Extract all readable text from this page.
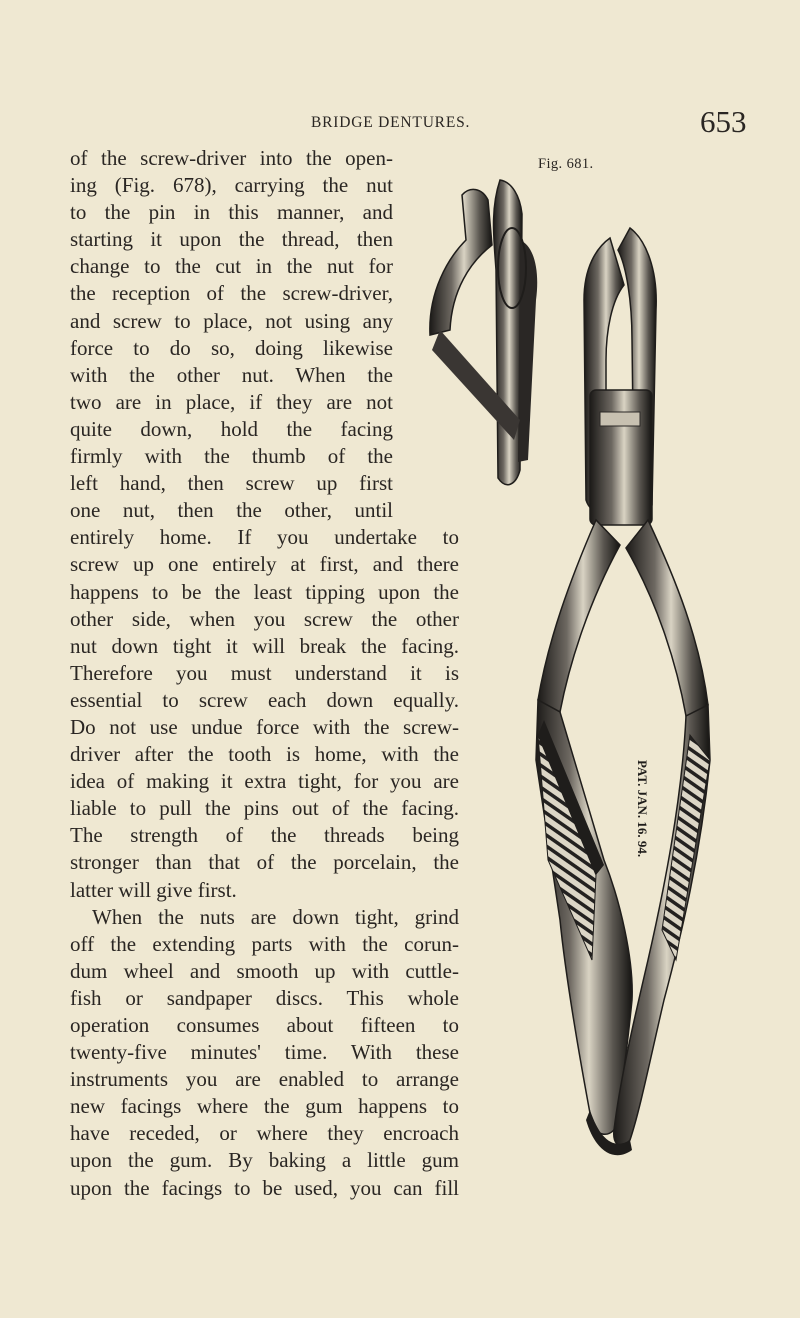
BRIDGE DENTURES.	653
Fig. 681.
PAT. JAN. 16. 94.
of the screw-driver into the open-
ing (Fig. 678), carrying the nut
to the pin in this manner, and
starting it upon the thread, then
change to the cut in the nut for
the reception of the screw-driver,
and screw to place, not using any
force to do so, doing likewise
with the other nut. When the
two are in place, if they are not
quite down, hold the facing
firmly with the thumb of the
left hand, then screw up first
one nut, then the other, until
entirely home. If you undertake to
screw up one entirely at first, and there
happens to be the least tipping upon the
other side, when you screw the other
nut down tight it will break the facing.
Therefore you must understand it is
essential to screw each down equally.
Do not use undue force with the screw-
driver after the tooth is home, with the
idea of making it extra tight, for you are
liable to pull the pins out of the facing.
The strength of the threads being
stronger than that of the porcelain, the
latter will give first.
When the nuts are down tight, grind
off the extending parts with the corun-
dum wheel and smooth up with cuttle-
fish or sandpaper discs. This whole
operation consumes about fifteen to
twenty-five minutes' time. With these
instruments you are enabled to arrange
new facings where the gum happens to
have receded, or where they encroach
upon the gum. By baking a little gum
upon the facings to be used, you can fill
